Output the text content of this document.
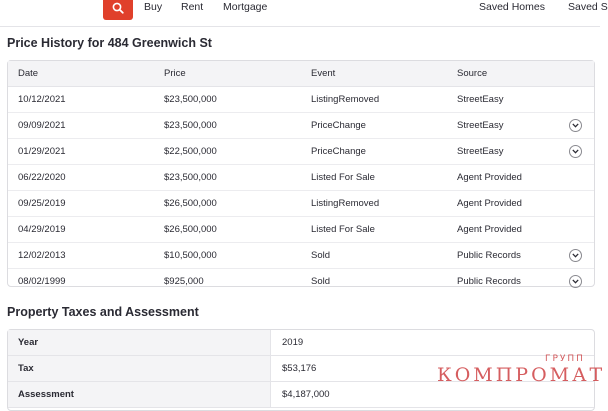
Buy Rent Mortgage	Saved Homes Saved S
Price History for 484 Greenwich St
Date	Price	Event	Source
10/12/2021	$23,500,000	ListingRemoved	StreetEasy
09/09/2021	$23,500,000	PriceChange	StreetEasy
01/29/2021	$22,500,000	PriceChange	StreetEasy
06/22/2020	$23,500,000	Listed For Sale	Agent Provided
09/25/2019	$26,500,000	ListingRemoved	Agent Provided
04/29/2019	$26,500,000	Listed For Sale	Agent Provided
12/02/2013	$10,500,000	Sold	Public Records
08/02/1999	$925,000	Sold	Public Records
Property Taxes and Assessment
Year	2019
Tax	$53,176
Assessment	$4,187,000
ГРУПП
КОМПРОМАТ
